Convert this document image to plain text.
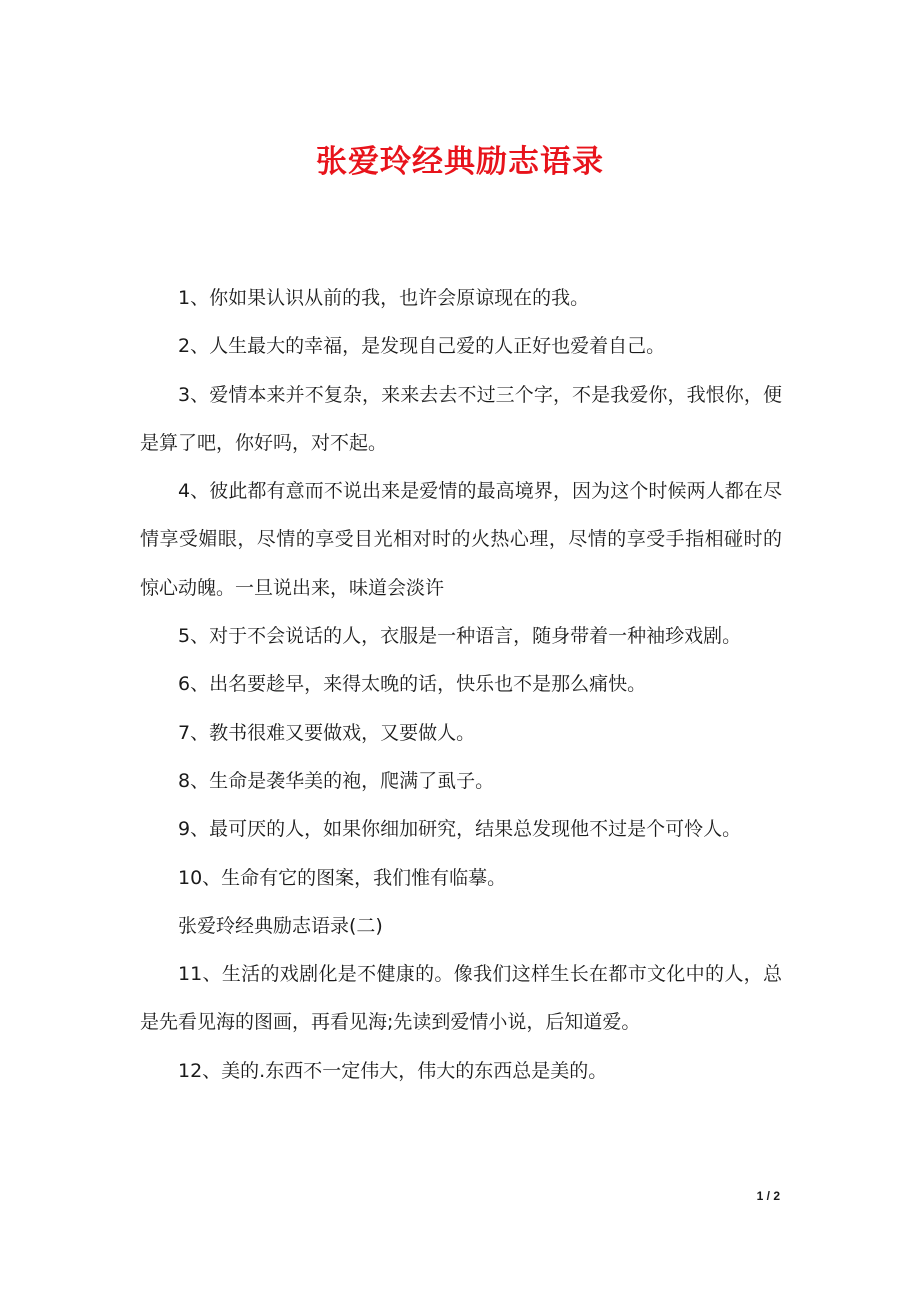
张爱玲经典励志语录

1、你如果认识从前的我，也许会原谅现在的我。

2、人生最大的幸福，是发现自己爱的人正好也爱着自己。

3、爱情本来并不复杂，来来去去不过三个字，不是我爱你，我恨你，便是算了吧，你好吗，对不起。

4、彼此都有意而不说出来是爱情的最高境界，因为这个时候两人都在尽情享受媚眼，尽情的享受目光相对时的火热心理，尽情的享受手指相碰时的惊心动魄。一旦说出来，味道会淡许

5、对于不会说话的人，衣服是一种语言，随身带着一种袖珍戏剧。

6、出名要趁早，来得太晚的话，快乐也不是那么痛快。

7、教书很难又要做戏，又要做人。

8、生命是袭华美的袍，爬满了虱子。

9、最可厌的人，如果你细加研究，结果总发现他不过是个可怜人。

10、生命有它的图案，我们惟有临摹。

张爱玲经典励志语录(二)

11、生活的戏剧化是不健康的。像我们这样生长在都市文化中的人，总是先看见海的图画，再看见海;先读到爱情小说，后知道爱。

12、美的.东西不一定伟大，伟大的东西总是美的。

1 / 2
